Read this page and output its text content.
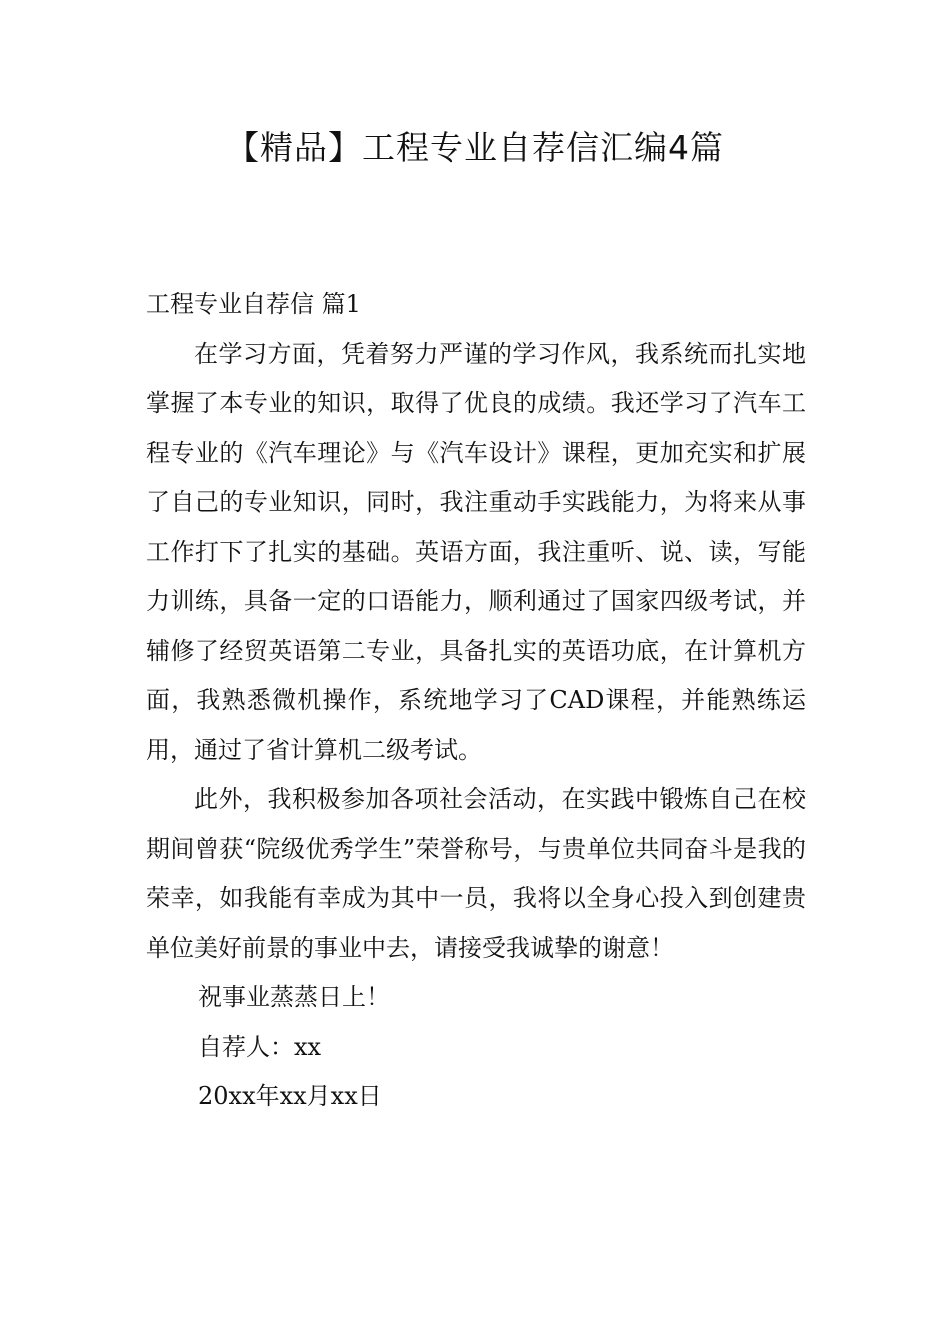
【精品】工程专业自荐信汇编4篇
工程专业自荐信 篇1

在学习方面，凭着努力严谨的学习作风，我系统而扎实地掌握了本专业的知识，取得了优良的成绩。我还学习了汽车工程专业的《汽车理论》与《汽车设计》课程，更加充实和扩展了自己的专业知识，同时，我注重动手实践能力，为将来从事工作打下了扎实的基础。英语方面，我注重听、说、读，写能力训练，具备一定的口语能力，顺利通过了国家四级考试，并辅修了经贸英语第二专业，具备扎实的英语功底，在计算机方面，我熟悉微机操作，系统地学习了CAD课程，并能熟练运用，通过了省计算机二级考试。

此外，我积极参加各项社会活动，在实践中锻炼自己在校期间曾获“院级优秀学生”荣誉称号，与贵单位共同奋斗是我的荣幸，如我能有幸成为其中一员，我将以全身心投入到创建贵单位美好前景的事业中去，请接受我诚挚的谢意！

祝事业蒸蒸日上！

自荐人：xx

20xx年xx月xx日
